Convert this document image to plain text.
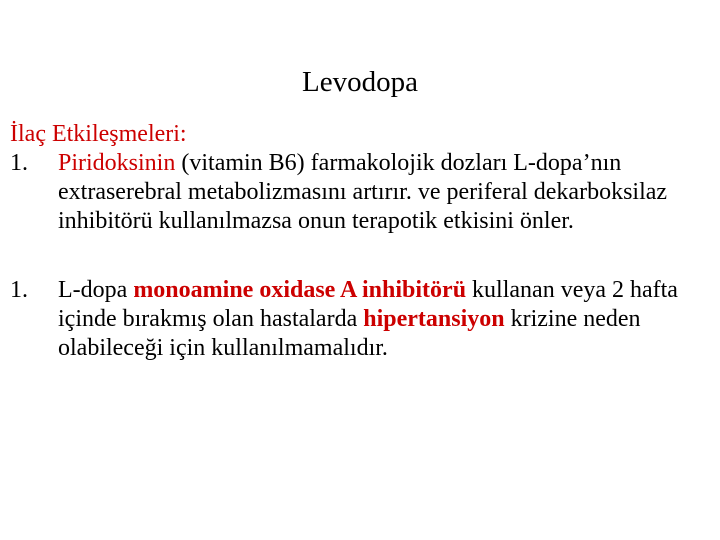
Levodopa
İlaç Etkileşmeleri:
1. Piridoksinin (vitamin B6) farmakolojik dozları L-dopa’nın extraserebral metabolizmasını artırır. ve periferal dekarboksilaz inhibitörü kullanılmazsa onun terapotik etkisini önler.
1. L-dopa monoamine oxidase A inhibitörü kullanan veya 2 hafta içinde bırakmış olan hastalarda hipertansiyon krizine neden olabileceği için kullanılmamalıdır.
